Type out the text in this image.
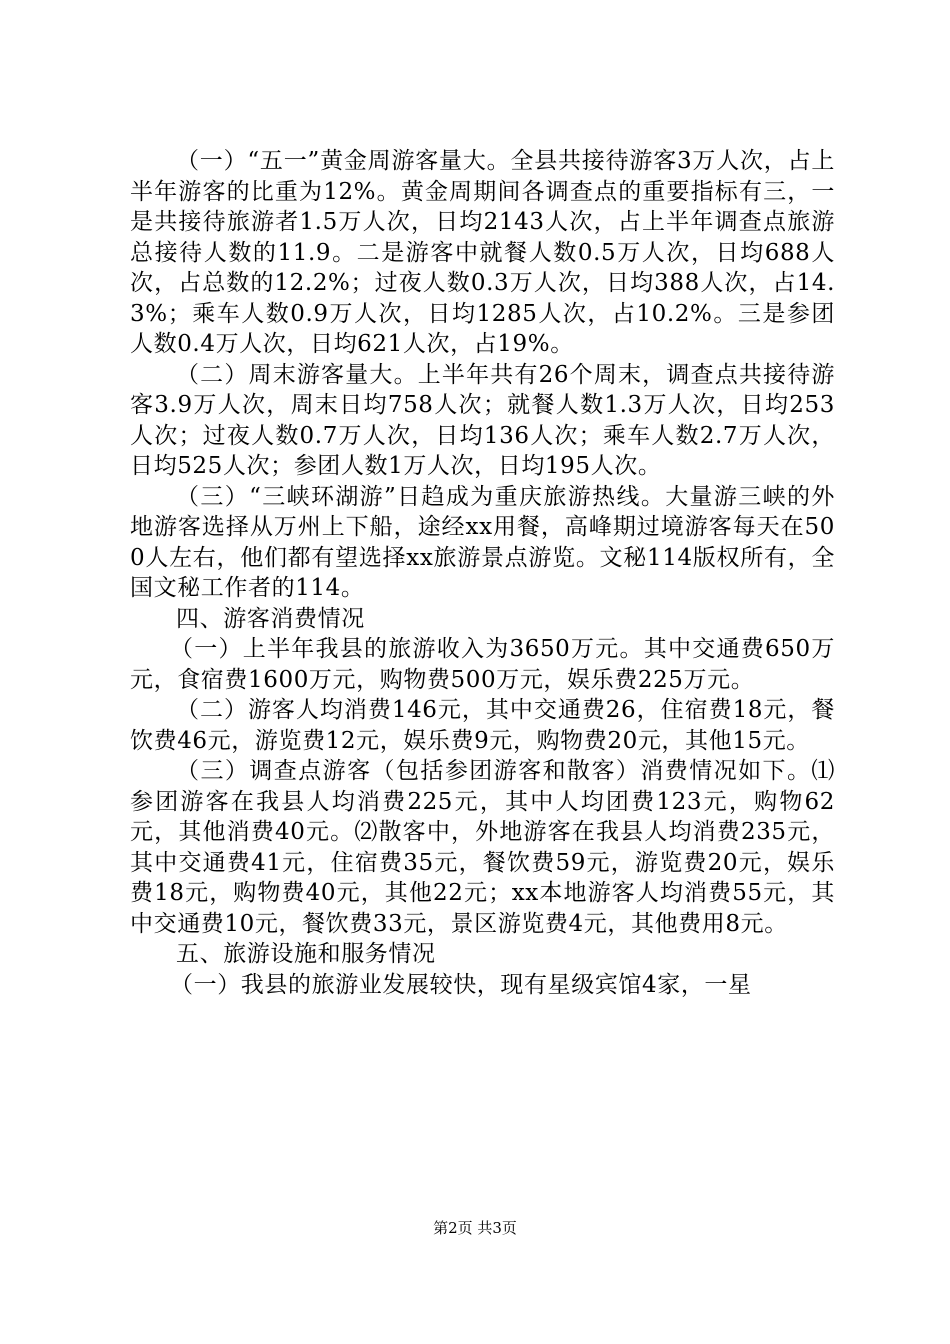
（一）“五一”黄金周游客量大。全县共接待游客3万人次，占上半年游客的比重为12%。黄金周期间各调查点的重要指标有三，一是共接待旅游者1.5万人次，日均2143人次，占上半年调查点旅游总接待人数的11.9。二是游客中就餐人数0.5万人次，日均688人次，占总数的12.2%；过夜人数0.3万人次，日均388人次，占14.3%；乘车人数0.9万人次，日均1285人次，占10.2%。三是参团人数0.4万人次，日均621人次，占19%。

（二）周末游客量大。上半年共有26个周末，调查点共接待游客3.9万人次，周末日均758人次；就餐人数1.3万人次，日均253人次；过夜人数0.7万人次，日均136人次；乘车人数2.7万人次，日均525人次；参团人数1万人次，日均195人次。

（三）“三峡环湖游”日趋成为重庆旅游热线。大量游三峡的外地游客选择从万州上下船，途经xx用餐，高峰期过境游客每天在500人左右，他们都有望选择xx旅游景点游览。文秘114版权所有，全国文秘工作者的114。

四、游客消费情况

（一）上半年我县的旅游收入为3650万元。其中交通费650万元，食宿费1600万元，购物费500万元，娱乐费225万元。

（二）游客人均消费146元，其中交通费26，住宿费18元，餐饮费46元，游览费12元，娱乐费9元，购物费20元，其他15元。

（三）调查点游客（包括参团游客和散客）消费情况如下。⑴参团游客在我县人均消费225元，其中人均团费123元，购物62元，其他消费40元。⑵散客中，外地游客在我县人均消费235元，其中交通费41元，住宿费35元，餐饮费59元，游览费20元，娱乐费18元，购物费40元，其他22元；xx本地游客人均消费55元，其中交通费10元，餐饮费33元，景区游览费4元，其他费用8元。

五、旅游设施和服务情况

（一）我县的旅游业发展较快，现有星级宾馆4家，一星

第2页 共3页
